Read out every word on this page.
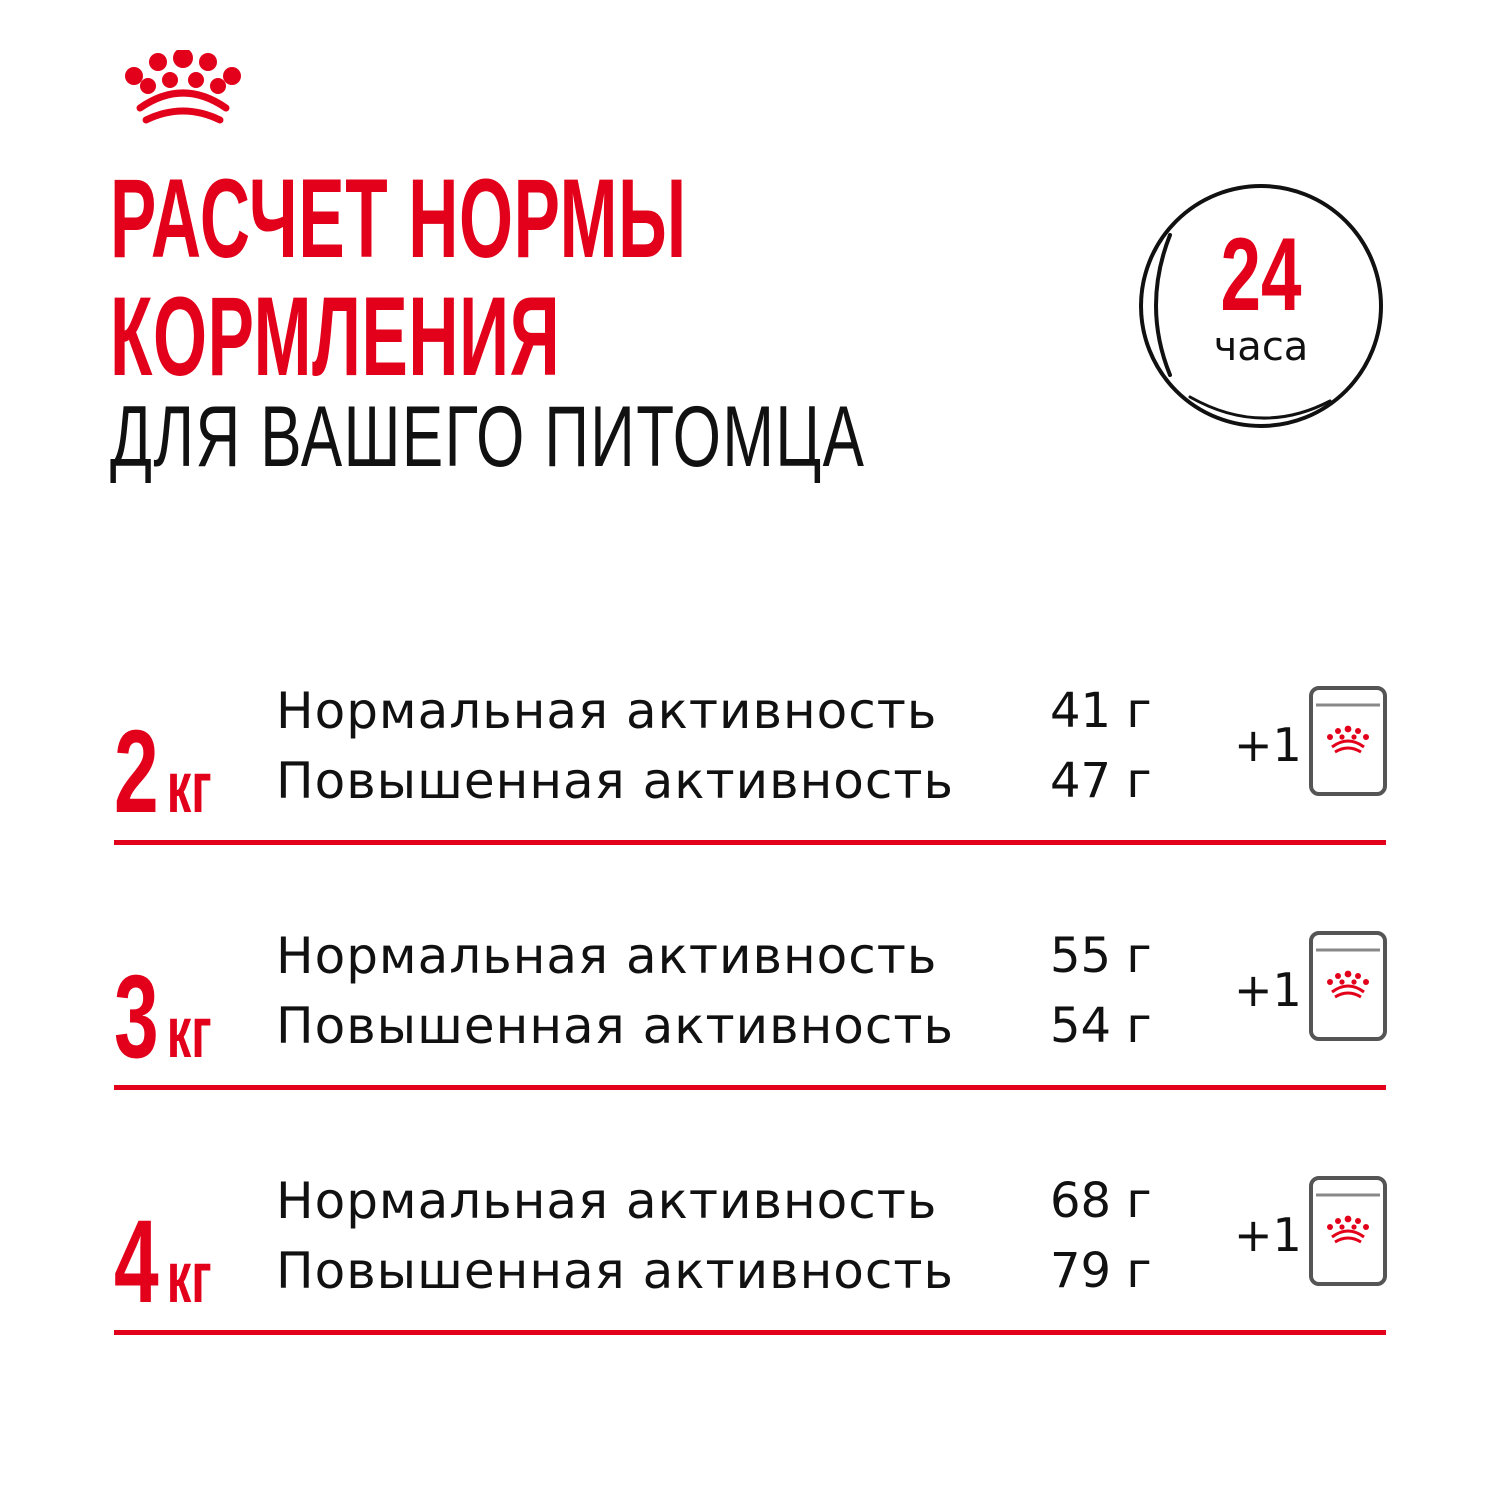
РАСЧЕТ НОРМЫ
КОРМЛЕНИЯ
ДЛЯ ВАШЕГО ПИТОМЦА
24
часа
2 кг
Нормальная активность
Повышенная активность
41 г
47 г
+1
3 кг
Нормальная активность
Повышенная активность
55 г
54 г
+1
4 кг
Нормальная активность
Повышенная активность
68 г
79 г
+1
